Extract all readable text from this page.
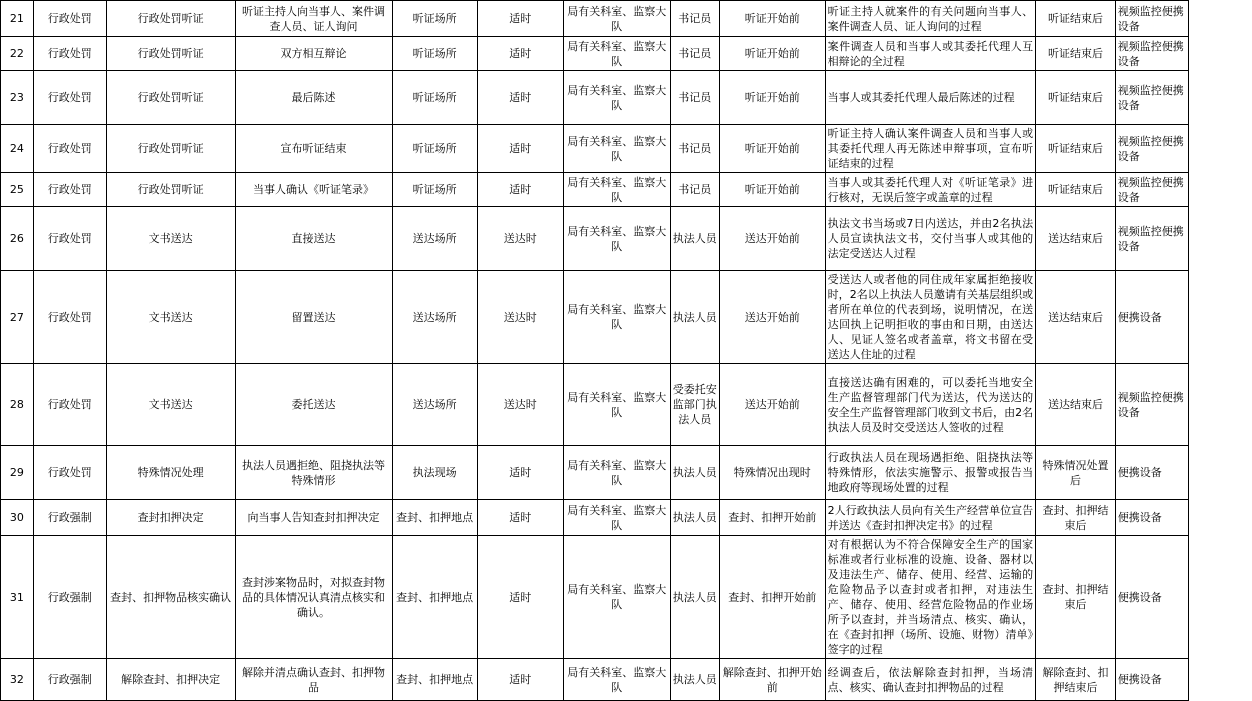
21	行政处罚	行政处罚听证	听证主持人向当事人、案件调查人员、证人询问	听证场所	适时	局有关科室、监察大队	书记员	听证开始前	听证主持人就案件的有关问题向当事人、案件调查人员、证人询问的过程	听证结束后	视频监控便携设备
22	行政处罚	行政处罚听证	双方相互辩论	听证场所	适时	局有关科室、监察大队	书记员	听证开始前	案件调查人员和当事人或其委托代理人互相辩论的全过程	听证结束后	视频监控便携设备
23	行政处罚	行政处罚听证	最后陈述	听证场所	适时	局有关科室、监察大队	书记员	听证开始前	当事人或其委托代理人最后陈述的过程	听证结束后	视频监控便携设备
24	行政处罚	行政处罚听证	宣布听证结束	听证场所	适时	局有关科室、监察大队	书记员	听证开始前	听证主持人确认案件调查人员和当事人或其委托代理人再无陈述申辩事项，宣布听证结束的过程	听证结束后	视频监控便携设备
25	行政处罚	行政处罚听证	当事人确认《听证笔录》	听证场所	适时	局有关科室、监察大队	书记员	听证开始前	当事人或其委托代理人对《听证笔录》进行核对，无误后签字或盖章的过程	听证结束后	视频监控便携设备
26	行政处罚	文书送达	直接送达	送达场所	送达时	局有关科室、监察大队	执法人员	送达开始前	执法文书当场或7日内送达，并由2名执法人员宣读执法文书，交付当事人或其他的法定受送达人过程	送达结束后	视频监控便携设备
27	行政处罚	文书送达	留置送达	送达场所	送达时	局有关科室、监察大队	执法人员	送达开始前	受送达人或者他的同住成年家属拒绝接收时，2名以上执法人员邀请有关基层组织或者所在单位的代表到场，说明情况，在送达回执上记明拒收的事由和日期，由送达人、见证人签名或者盖章，将文书留在受送达人住址的过程	送达结束后	便携设备
28	行政处罚	文书送达	委托送达	送达场所	送达时	局有关科室、监察大队	受委托安监部门执法人员	送达开始前	直接送达确有困难的，可以委托当地安全生产监督管理部门代为送达，代为送达的安全生产监督管理部门收到文书后，由2名执法人员及时交受送达人签收的过程	送达结束后	视频监控便携设备
29	行政处罚	特殊情况处理	执法人员遇拒绝、阻挠执法等特殊情形	执法现场	适时	局有关科室、监察大队	执法人员	特殊情况出现时	行政执法人员在现场遇拒绝、阻挠执法等特殊情形，依法实施警示、报警或报告当地政府等现场处置的过程	特殊情况处置后	便携设备
30	行政强制	查封扣押决定	向当事人告知查封扣押决定	查封、扣押地点	适时	局有关科室、监察大队	执法人员	查封、扣押开始前	2人行政执法人员向有关生产经营单位宣告并送达《查封扣押决定书》的过程	查封、扣押结束后	便携设备
31	行政强制	查封、扣押物品核实确认	查封涉案物品时，对拟查封物品的具体情况认真清点核实和确认。	查封、扣押地点	适时	局有关科室、监察大队	执法人员	查封、扣押开始前	对有根据认为不符合保障安全生产的国家标准或者行业标准的设施、设备、器材以及违法生产、储存、使用、经营、运输的危险物品予以查封或者扣押，对违法生产、储存、使用、经营危险物品的作业场所予以查封，并当场清点、核实、确认，在《查封扣押（场所、设施、财物）清单》签字的过程	查封、扣押结束后	便携设备
32	行政强制	解除查封、扣押决定	解除并清点确认查封、扣押物品	查封、扣押地点	适时	局有关科室、监察大队	执法人员	解除查封、扣押开始前	经调查后，依法解除查封扣押，当场清点、核实、确认查封扣押物品的过程	解除查封、扣押结束后	便携设备
